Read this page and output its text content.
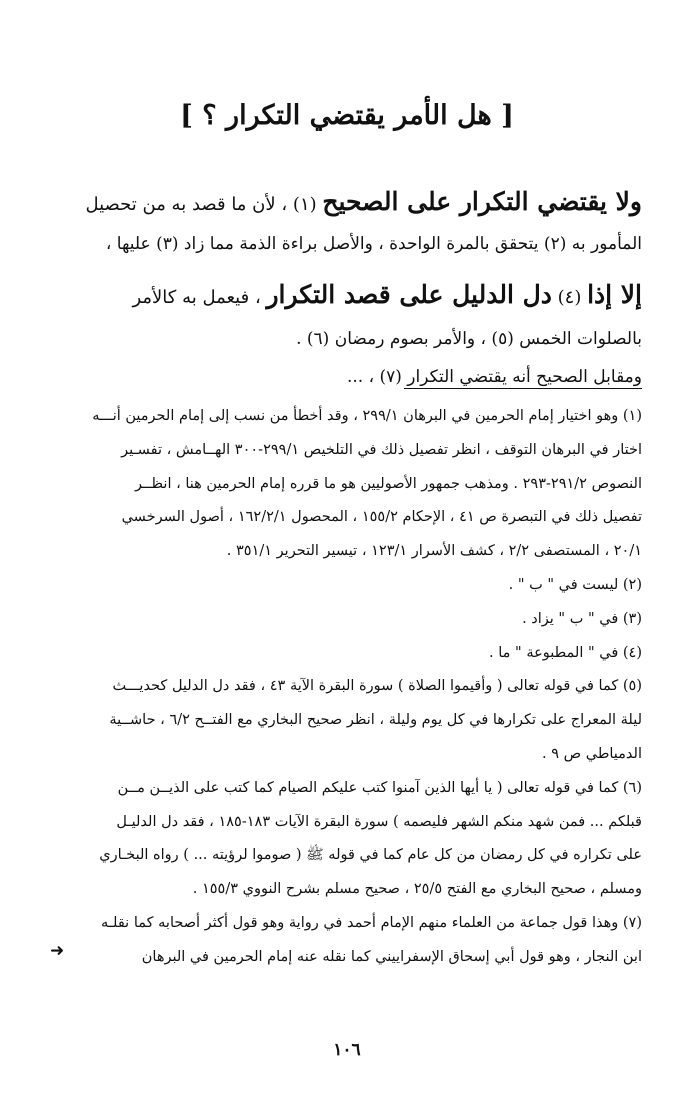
[ هل الأمر يقتضي التكرار ؟ ]
ولا يقتضي التكرار على الصحيح (١) ، لأن ما قصد به من تحصيل
المأمور به (٢) يتحقق بالمرة الواحدة ، والأصل براءة الذمة مما زاد (٣) عليها ،
إلا إذا (٤) دل الدليل على قصد التكرار ، فيعمل به كالأمر
بالصلوات الخمس (٥) ، والأمر بصوم رمضان (٦) .
ومقابل الصحيح أنه يقتضي التكرار (٧) ، ...
(١) وهو اختيار إمام الحرمين في البرهان ٢٩٩/١ ، وقد أخطأ من نسب إلى إمام الحرمين أنـــه
اختار في البرهان التوقف ، انظر تفصيل ذلك في التلخيص ٢٩٩/١-٣٠٠ الهــامش ، تفسـير
النصوص ٢٩١/٢-٢٩٣ . ومذهب جمهور الأصوليين هو ما قرره إمام الحرمين هنا ، انظــر
تفصيل ذلك في التبصرة ص ٤١ ، الإحكام ١٥٥/٢ ، المحصول ١٦٢/٢/١ ، أصول السرخسي
٢٠/١ ، المستصفى ٢/٢ ، كشف الأسرار ١٢٣/١ ، تيسير التحرير ٣٥١/١ .
(٢) ليست في " ب " .
(٣) في " ب " يزاد .
(٤) في " المطبوعة " ما .
(٥) كما في قوله تعالى ( وأقيموا الصلاة ) سورة البقرة الآية ٤٣ ، فقد دل الدليل كحديـــث
ليلة المعراج على تكرارها في كل يوم وليلة ، انظر صحيح البخاري مع الفتــح ٦/٢ ، حاشــية
الدمياطي ص ٩ .
(٦) كما في قوله تعالى ( يا أيها الذين آمنوا كتب عليكم الصيام كما كتب على الذيــن مــن
قبلكم ... فمن شهد منكم الشهر فليصمه ) سورة البقرة الآيات ١٨٣-١٨٥ ، فقد دل الدليـل
على تكراره في كل رمضان من كل عام كما في قوله ﷺ ( صوموا لرؤيته ... ) رواه البخـاري
ومسلم ، صحيح البخاري مع الفتح ٢٥/٥ ، صحيح مسلم بشرح النووي ١٥٥/٣ .
(٧) وهذا قول جماعة من العلماء منهم الإمام أحمد في رواية وهو قول أكثر أصحابه كما نقلـه
ابن النجار ، وهو قول أبي إسحاق الإسفراييني كما نقله عنه إمام الحرمين في البرهان
➜
١٠٦
